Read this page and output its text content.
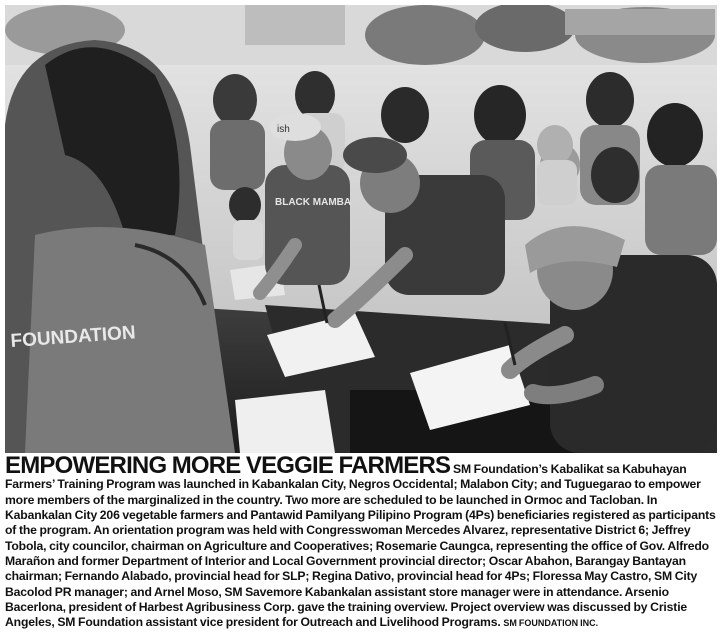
ish
BLACK MAMBA
FOUNDATION
EMPOWERING MORE VEGGIE FARMERS SM Foundation’s Kabalikat sa Kabuhayan Farmers’ Training Program was launched in Kabankalan City, Negros Occidental; Malabon City; and Tuguegarao to empower more members of the marginalized in the country. Two more are scheduled to be launched in Ormoc and Tacloban. In Kabankalan City 206 vegetable farmers and Pantawid Pamilyang Pilipino Program (4Ps) beneficiaries registered as participants of the program. An orientation program was held with Congresswoman Mercedes Alvarez, representative District 6; Jeffrey Tobola, city councilor, chairman on Agriculture and Cooperatives; Rosemarie Caungca, representing the office of Gov. Alfredo Marañon and former Department of Interior and Local Government provincial director; Oscar Abahon, Barangay Bantayan chairman; Fernando Alabado, provincial head for SLP; Regina Dativo, provincial head for 4Ps; Floressa May Castro, SM City Bacolod PR manager; and Arnel Moso, SM Savemore Kabankalan assistant store manager were in attendance. Arsenio Bacerlona, president of Harbest Agribusiness Corp. gave the training overview. Project overview was discussed by Cristie Angeles, SM Foundation assistant vice president for Outreach and Livelihood Programs. SM FOUNDATION INC.
